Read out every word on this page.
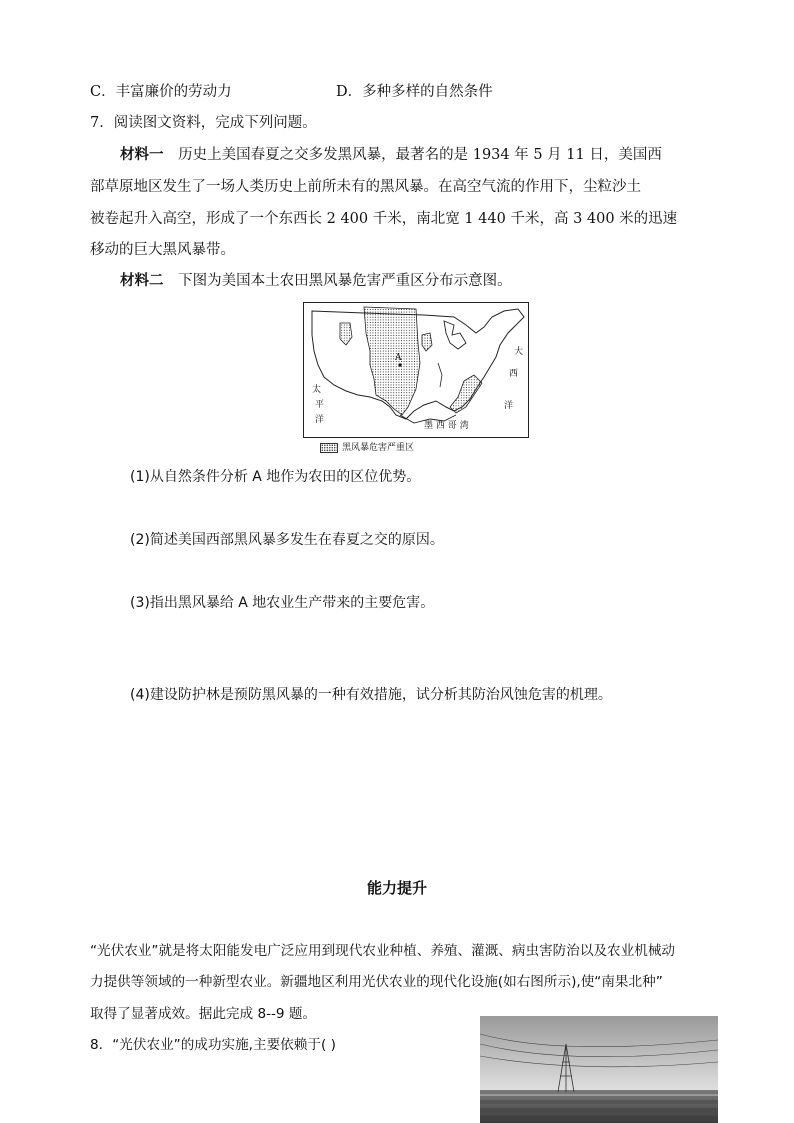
C．丰富廉价的劳动力	D．多种多样的自然条件
7．阅读图文资料，完成下列问题。
材料一 历史上美国春夏之交多发黑风暴，最著名的是 1934 年 5 月 11 日，美国西
部草原地区发生了一场人类历史上前所未有的黑风暴。在高空气流的作用下，尘粒沙土
被卷起升入高空，形成了一个东西长 2 400 千米，南北宽 1 440 千米，高 3 400 米的迅速
移动的巨大黑风暴带。
材料二 下图为美国本土农田黑风暴危害严重区分布示意图。
A
太
平
洋
大
西
洋
墨 西 哥 湾
黑风暴危害严重区
(1)从自然条件分析 A 地作为农田的区位优势。
(2)简述美国西部黑风暴多发生在春夏之交的原因。
(3)指出黑风暴给 A 地农业生产带来的主要危害。
(4)建设防护林是预防黑风暴的一种有效措施，试分析其防治风蚀危害的机理。
能力提升
“光伏农业”就是将太阳能发电广泛应用到现代农业种植、养殖、灌溉、病虫害防治以及农业机械动
力提供等领域的一种新型农业。新疆地区利用光伏农业的现代化设施(如右图所示),使“南果北种”
取得了显著成效。据此完成 8--9 题。
8．“光伏农业”的成功实施,主要依赖于( )
